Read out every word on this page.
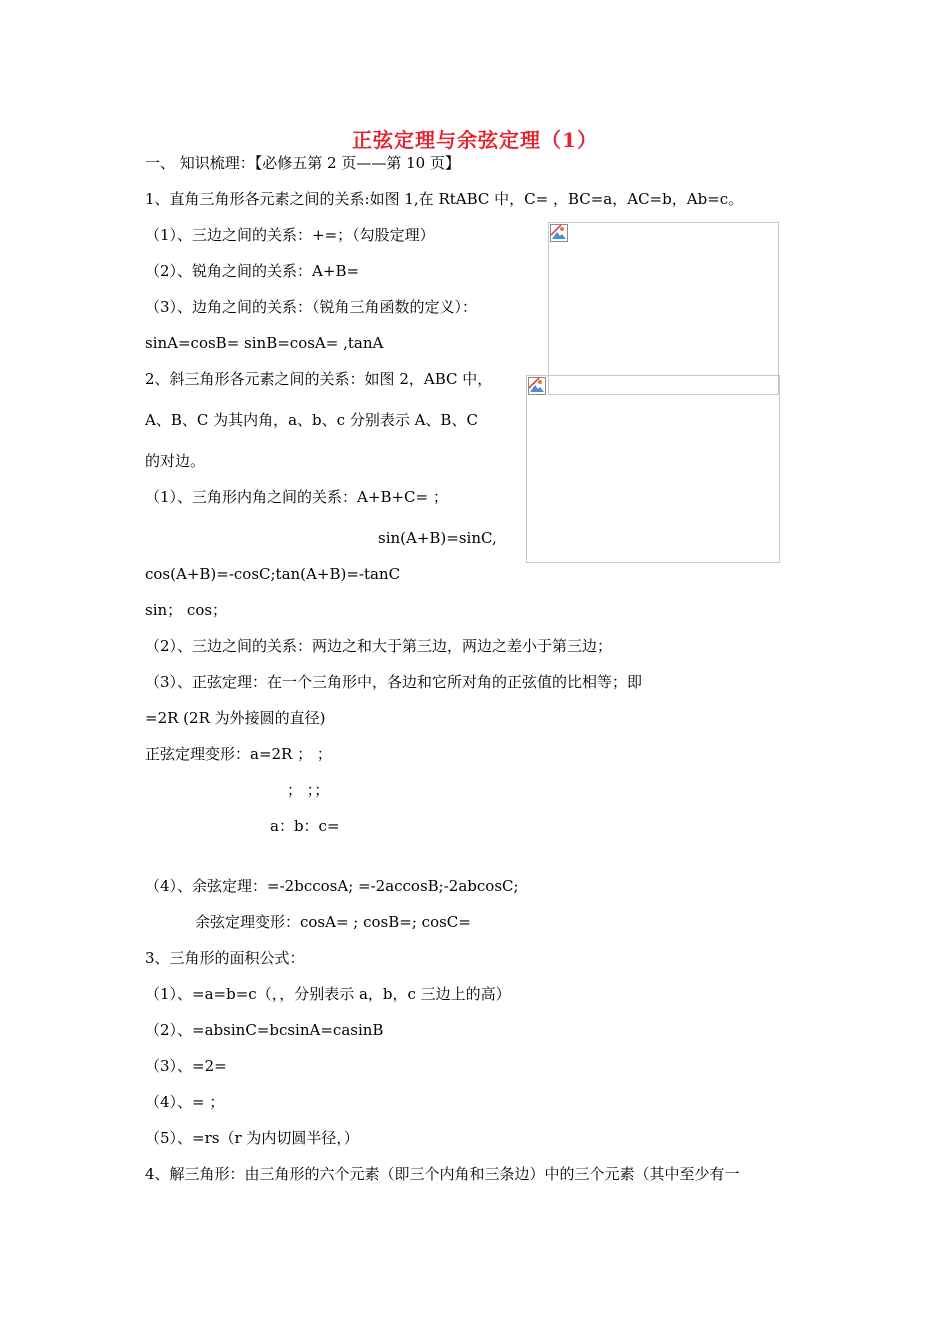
正弦定理与余弦定理（1）
一、 知识梳理：【必修五第 2 页——第 10 页】
1、直角三角形各元素之间的关系:如图 1,在 RtABC 中，C= ，BC=a，AC=b，Ab=c。
（1）、三边之间的关系：+=；（勾股定理）
（2）、锐角之间的关系：A+B=
（3）、边角之间的关系：（锐角三角函数的定义）：
sinA=cosB= sinB=cosA= ,tanA
2、斜三角形各元素之间的关系：如图 2，ABC 中，
A、B、C 为其内角，a、b、c 分别表示 A、B、C
的对边。
（1）、三角形内角之间的关系：A+B+C= ；
sin(A+B)=sinC,
cos(A+B)=-cosC;tan(A+B)=-tanC
sin； cos；
（2）、三边之间的关系：两边之和大于第三边，两边之差小于第三边；
（3）、正弦定理：在一个三角形中，各边和它所对角的正弦值的比相等；即
=2R (2R 为外接圆的直径)
正弦定理变形：a=2R ； ；
； ；；
a：b：c=
（4）、余弦定理：=-2bccosA; =-2accosB;-2abcosC;
余弦定理变形：cosA= ; cosB=; cosC=
3、三角形的面积公式：
（1）、=a=b=c（，，分别表示 a，b，c 三边上的高）
（2）、=absinC=bcsinA=casinB
（3）、=2=
（4）、= ；
（5）、=rs（r 为内切圆半径，）
4、解三角形：由三角形的六个元素（即三个内角和三条边）中的三个元素（其中至少有一
